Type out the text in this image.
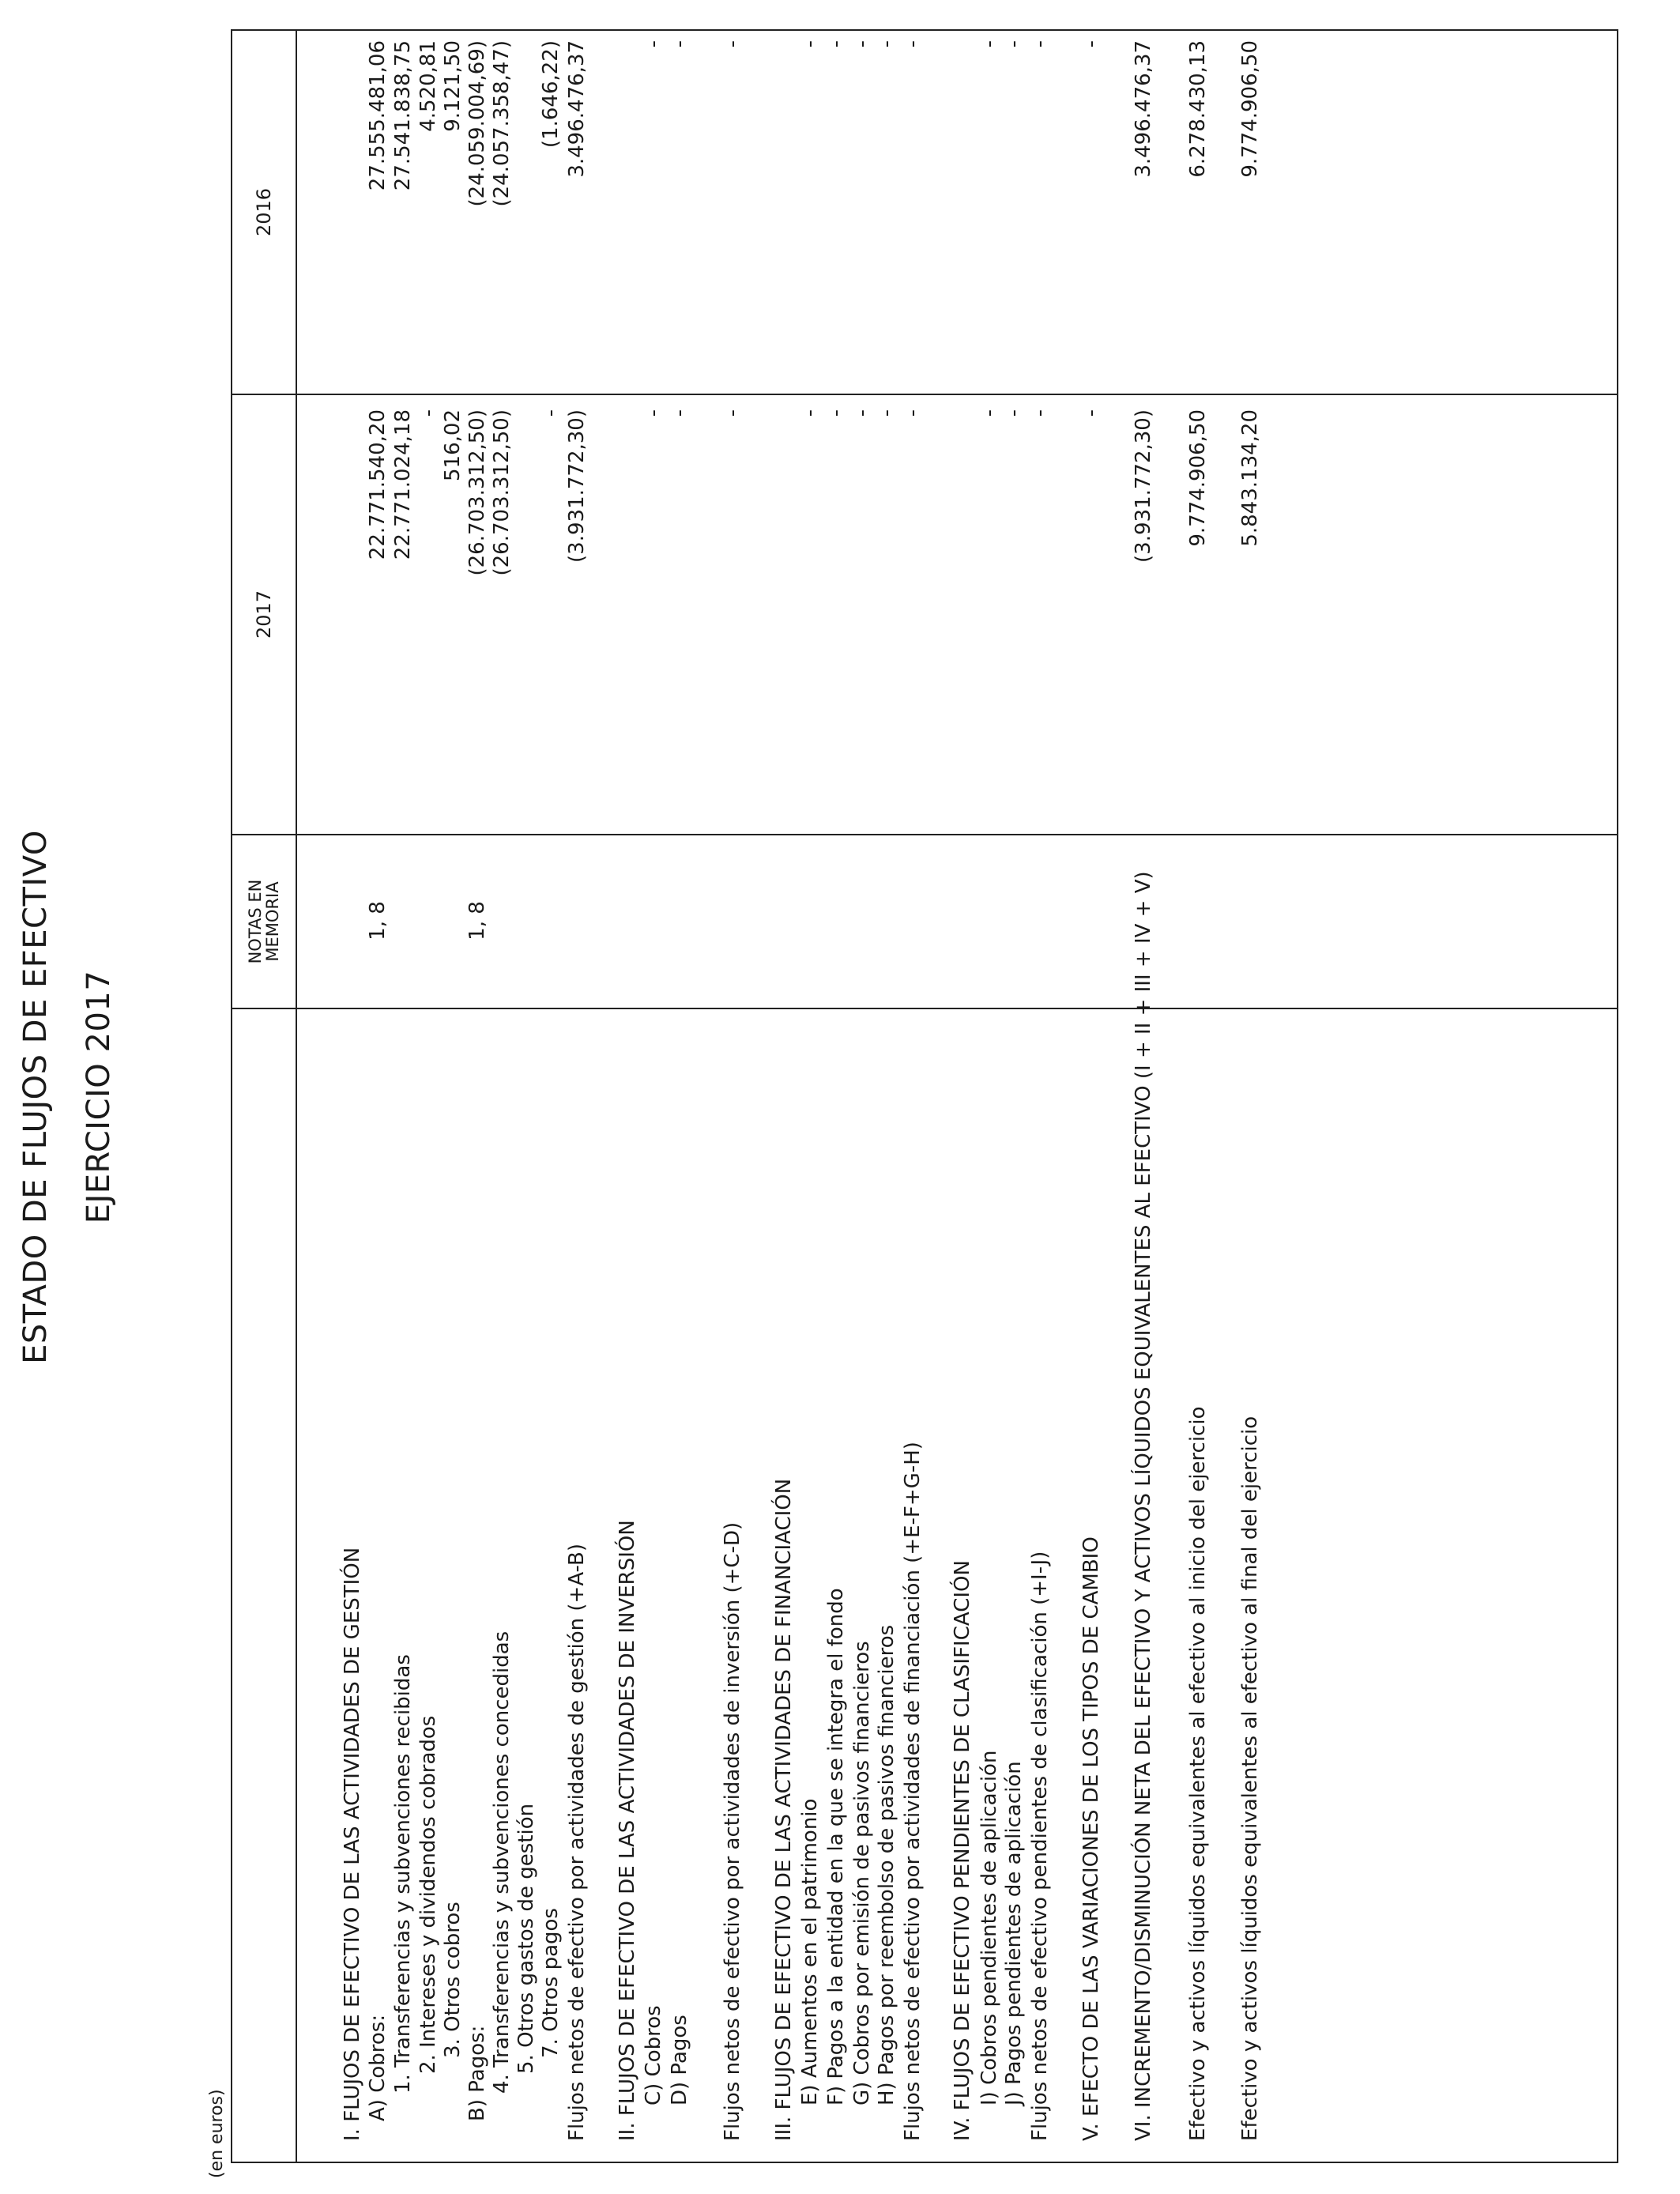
ESTADO DE FLUJOS DE EFECTIVO EJERCICIO 2017
(en euros)
NOTAS EN
MEMORIA
2017
2016
I. FLUJOS DE EFECTIVO DE LAS ACTIVIDADES DE GESTIÓN A) Cobros:
1, 8
22.771.540,20
27.555.481,06
1. Transferencias y subvenciones recibidas
22.771.024,18
27.541.838,75
2. Intereses y dividendos cobrados
-
4.520,81
3. Otros cobros
516,02
9.121,50
B) Pagos:
1, 8
(26.703.312,50)
(24.059.004,69)
4. Transferencias y subvenciones concedidas
(26.703.312,50)
(24.057.358,47)
5. Otros gastos de gestión 7. Otros pagos
-
(1.646,22)
Flujos netos de efectivo por actividades de gestión (+A-B)
(3.931.772,30)
3.496.476,37
II. FLUJOS DE EFECTIVO DE LAS ACTIVIDADES DE INVERSIÓN C) Cobros
-
-
D) Pagos
-
-
Flujos netos de efectivo por actividades de inversión (+C-D)
-
-
III. FLUJOS DE EFECTIVO DE LAS ACTIVIDADES DE FINANCIACIÓN E) Aumentos en el patrimonio
-
-
F) Pagos a la entidad en la que se integra el fondo
-
-
G) Cobros por emisión de pasivos financieros
-
-
H) Pagos por reembolso de pasivos financieros
-
-
Flujos netos de efectivo por actividades de financiación (+E-F+G-H)
-
-
IV. FLUJOS DE EFECTIVO PENDIENTES DE CLASIFICACIÓN I) Cobros pendientes de aplicación
-
-
J) Pagos pendientes de aplicación
-
-
Flujos netos de efectivo pendientes de clasificación (+I-J)
-
-
V. EFECTO DE LAS VARIACIONES DE LOS TIPOS DE CAMBIO
-
-
VI. INCREMENTO/DISMINUCIÓN NETA DEL EFECTIVO Y ACTIVOS LÍQUIDOS EQUIVALENTES AL EFECTIVO (I + II + III + IV + V)
(3.931.772,30)
3.496.476,37
Efectivo y activos líquidos equivalentes al efectivo al inicio del ejercicio
9.774.906,50
6.278.430,13
Efectivo y activos líquidos equivalentes al efectivo al final del ejercicio
5.843.134,20
9.774.906,50
